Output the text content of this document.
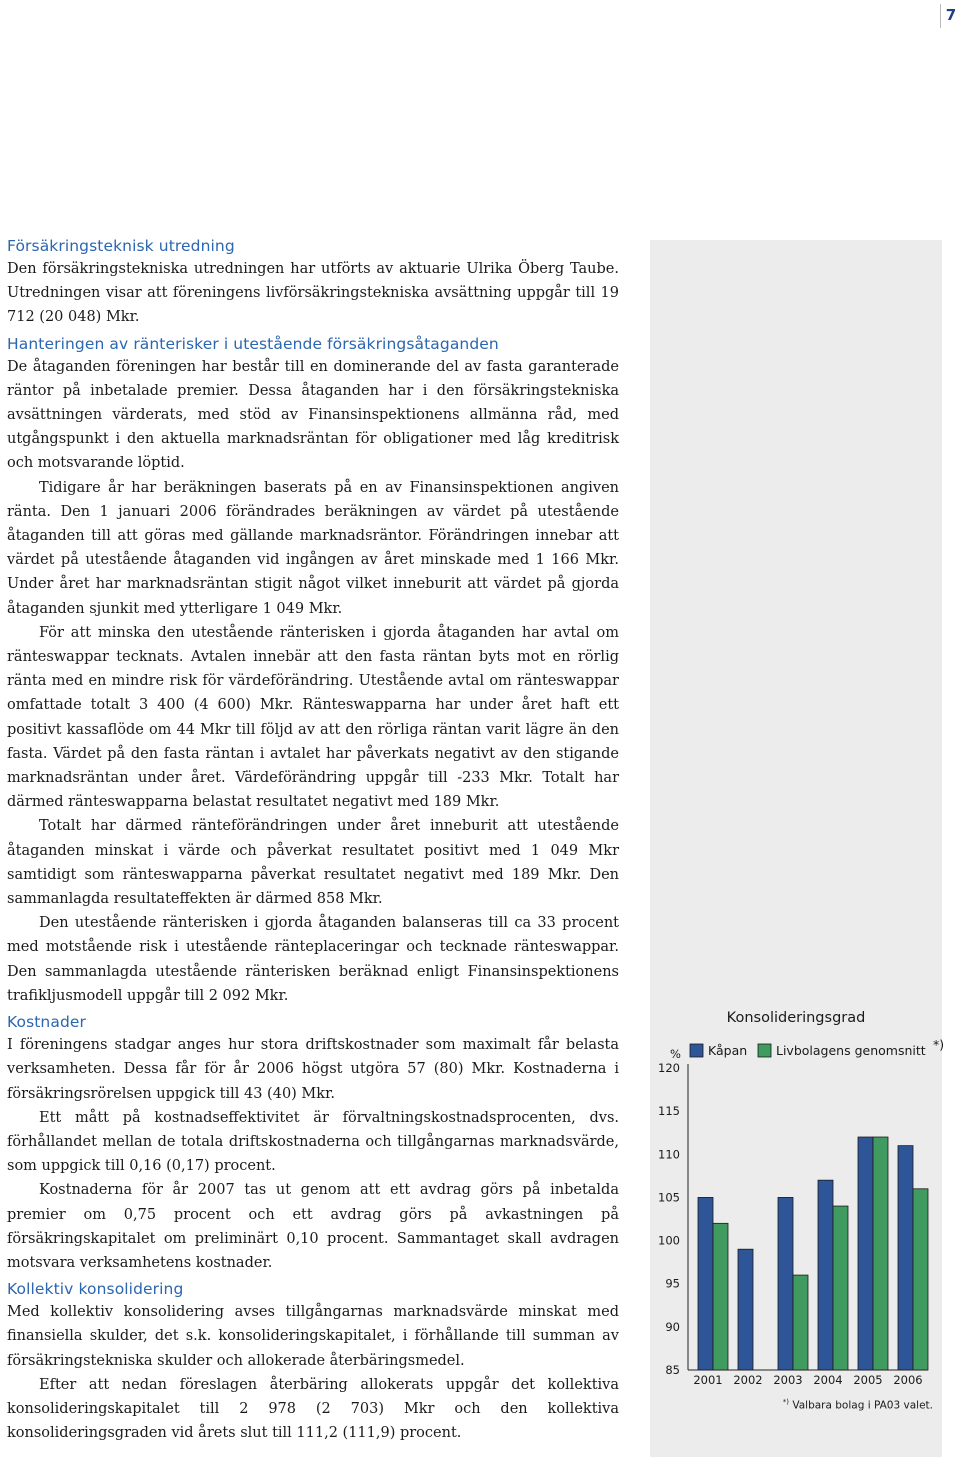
7
Försäkringsteknisk utredning

Den försäkringstekniska utredningen har utförts av aktuarie Ulrika Öberg Taube. Utredningen visar att föreningens livförsäkringstekniska avsättning uppgår till 19 712 (20 048) Mkr.

Hanteringen av ränterisker i utestående försäkringsåtaganden

De åtaganden föreningen har består till en dominerande del av fasta garanterade räntor på inbetalade premier. Dessa åtaganden har i den försäkringstekniska avsättningen värderats, med stöd av Finansinspektionens allmänna råd, med utgångspunkt i den aktuella marknadsräntan för obligationer med låg kreditrisk och motsvarande löptid.

Tidigare år har beräkningen baserats på en av Finansinspektionen angiven ränta. Den 1 januari 2006 förändrades beräkningen av värdet på utestående åtaganden till att göras med gällande marknadsräntor. Förändringen innebar att värdet på utestående åtaganden vid ingången av året minskade med 1 166 Mkr. Under året har marknadsräntan stigit något vilket inneburit att värdet på gjorda åtaganden sjunkit med ytterligare 1 049 Mkr.

För att minska den utestående ränterisken i gjorda åtaganden har avtal om ränteswappar tecknats. Avtalen innebär att den fasta räntan byts mot en rörlig ränta med en mindre risk för värdeförändring. Utestående avtal om ränteswappar omfattade totalt 3 400 (4 600) Mkr. Ränteswapparna har under året haft ett positivt kassaflöde om 44 Mkr till följd av att den rörliga räntan varit lägre än den fasta. Värdet på den fasta räntan i avtalet har påverkats negativt av den stigande marknadsräntan under året. Värdeförändring uppgår till -233 Mkr. Totalt har därmed ränteswapparna belastat resultatet negativt med 189 Mkr.

Totalt har därmed ränteförändringen under året inneburit att utestående åtaganden minskat i värde och påverkat resultatet positivt med 1 049 Mkr samtidigt som ränteswapparna påverkat resultatet negativt med 189 Mkr. Den sammanlagda resultateffekten är därmed 858 Mkr.

Den utestående ränterisken i gjorda åtaganden balanseras till ca 33 procent med motstående risk i utestående ränteplaceringar och tecknade ränteswappar. Den sammanlagda utestående ränterisken beräknad enligt Finansinspektionens trafikljusmodell uppgår till 2 092 Mkr.

Kostnader

I föreningens stadgar anges hur stora driftskostnader som maximalt får belasta verksamheten. Dessa får för år 2006 högst utgöra 57 (80) Mkr. Kostnaderna i försäkringsrörelsen uppgick till 43 (40) Mkr.

Ett mått på kostnadseffektivitet är förvaltningskostnadsprocenten, dvs. förhållandet mellan de totala driftskostnaderna och tillgångarnas marknadsvärde, som uppgick till 0,16 (0,17) procent.

Kostnaderna för år 2007 tas ut genom att ett avdrag görs på inbetalda premier om 0,75 procent och ett avdrag görs på avkastningen på försäkringskapitalet om preliminärt 0,10 procent. Sammantaget skall avdragen motsvara verksamhetens kostnader.

Kollektiv konsolidering

Med kollektiv konsolidering avses tillgångarnas marknadsvärde minskat med finansiella skulder, det s.k. konsolideringskapitalet, i förhållande till summan av försäkringstekniska skulder och allokerade återbäringsmedel.

Efter att nedan föreslagen återbäring allokerats uppgår det kollektiva konsolideringskapitalet till 2 978 (2 703) Mkr och den kollektiva konsolideringsgraden vid årets slut till 111,2 (111,9) procent.

Konsolideringsgrad
%
120
115
110
105
100
95
90
85
Kåpan Livbolagens genomsnitt *)
2001 2002 2003 2004 2005 2006
*) Valbara bolag i PA03 valet.
